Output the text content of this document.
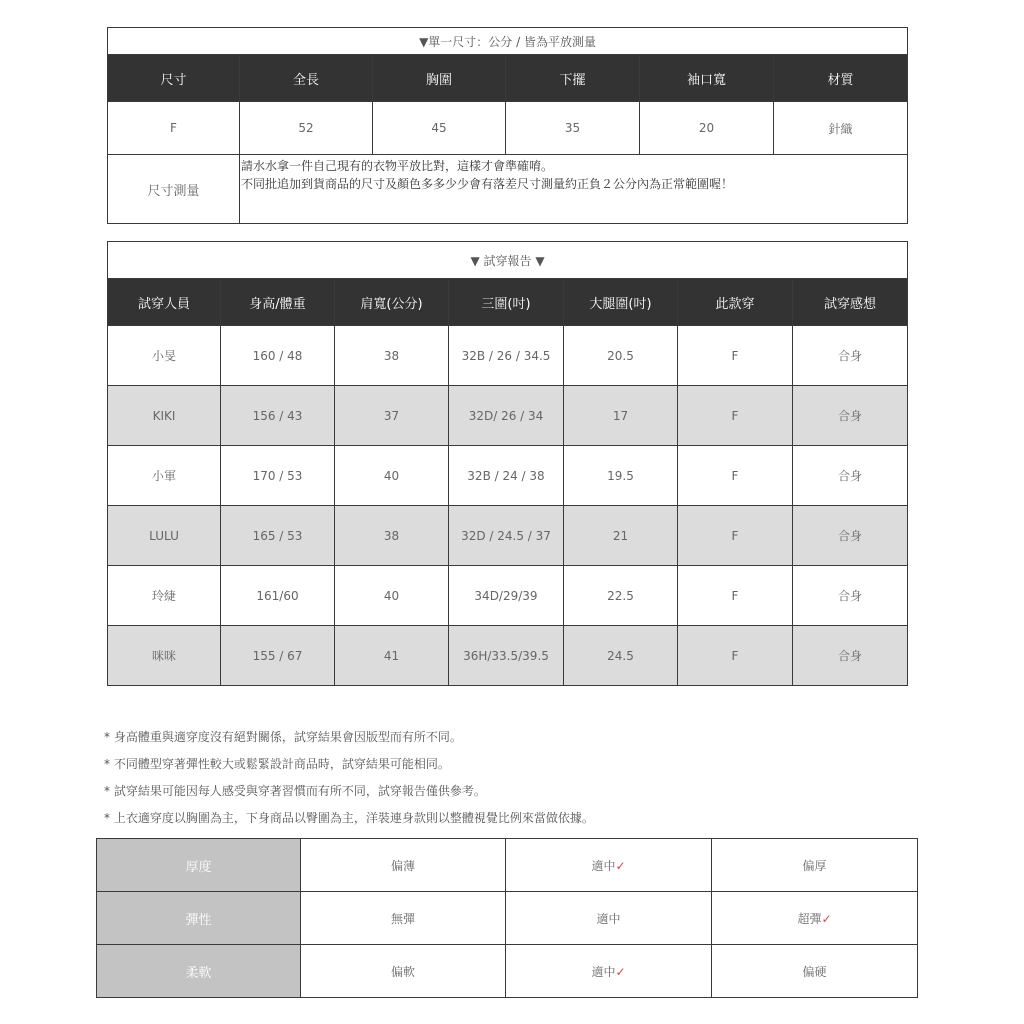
▼單一尺寸：公分 / 皆為平放測量					
尺寸	全長	胸圍	下擺	袖口寬	材質
F	52	45	35	20	針織
尺寸測量	請水水拿一件自己現有的衣物平放比對，這樣才會準確唷。
不同批追加到貨商品的尺寸及顏色多多少少會有落差尺寸測量約正負２公分內為正常範圍喔！				
▼ 試穿報告 ▼						
試穿人員	身高/體重	肩寬(公分)	三圍(吋)	大腿圍(吋)	此款穿	試穿感想
小旻	160 / 48	38	32B / 26 / 34.5	20.5	F	合身
KIKI	156 / 43	37	32D/ 26 / 34	17	F	合身
小軍	170 / 53	40	32B / 24 / 38	19.5	F	合身
LULU	165 / 53	38	32D / 24.5 / 37	21	F	合身
玲緁	161/60	40	34D/29/39	22.5	F	合身
咪咪	155 / 67	41	36H/33.5/39.5	24.5	F	合身
* 身高體重與適穿度沒有絕對關係，試穿結果會因版型而有所不同。
* 不同體型穿著彈性較大或鬆緊設計商品時，試穿結果可能相同。
* 試穿結果可能因每人感受與穿著習慣而有所不同，試穿報告僅供參考。
* 上衣適穿度以胸圍為主，下身商品以臀圍為主，洋裝連身款則以整體視覺比例來當做依據。
厚度	偏薄	適中✓	偏厚
彈性	無彈	適中	超彈✓
柔軟	偏軟	適中✓	偏硬
